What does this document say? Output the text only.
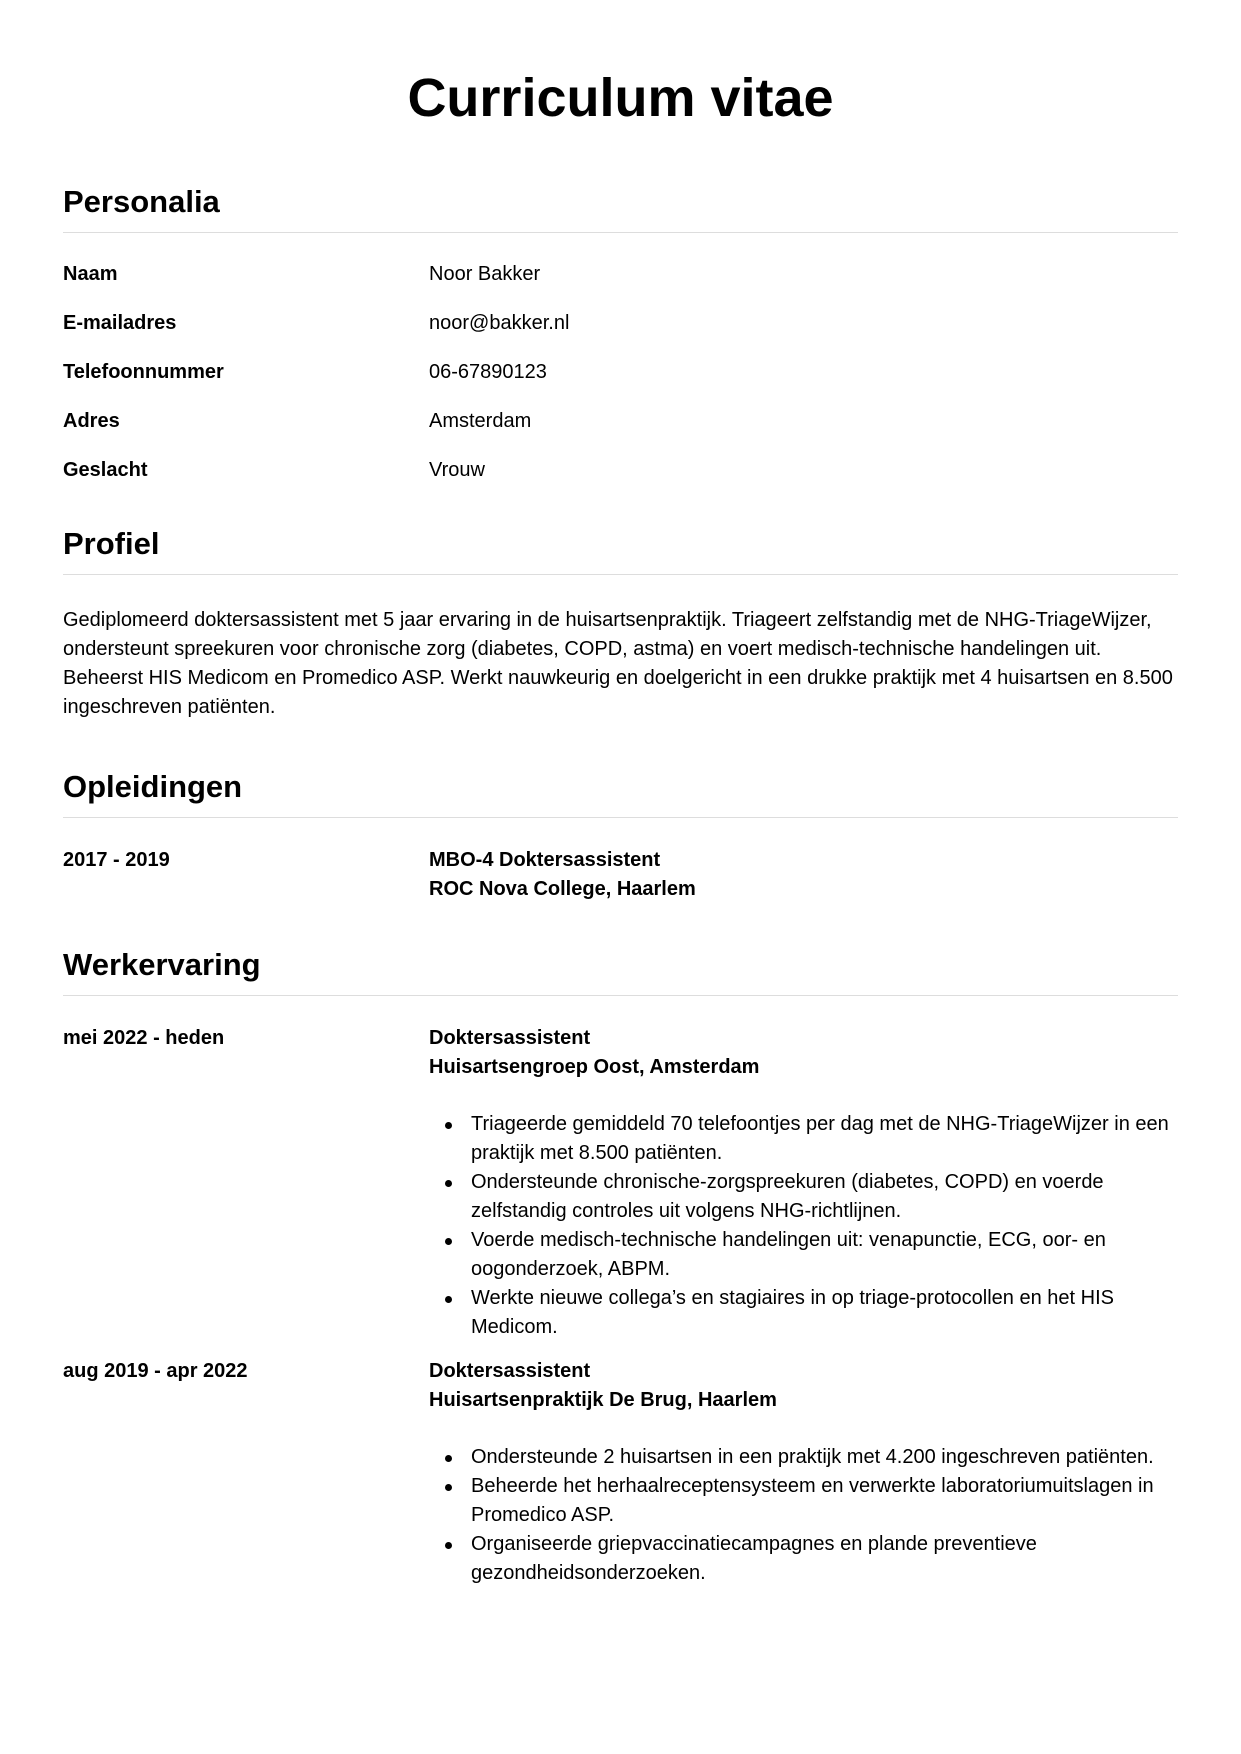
Curriculum vitae
Personalia
Naam	Noor Bakker
E-mailadres	noor@bakker.nl
Telefoonnummer	06-67890123
Adres	Amsterdam
Geslacht	Vrouw
Profiel

Gediplomeerd doktersassistent met 5 jaar ervaring in de huisartsenpraktijk. Triageert zelfstandig met de NHG-TriageWijzer, ondersteunt spreekuren voor chronische zorg (diabetes, COPD, astma) en voert medisch-technische handelingen uit. Beheerst HIS Medicom en Promedico ASP. Werkt nauwkeurig en doelgericht in een drukke praktijk met 4 huisartsen en 8.500 ingeschreven patiënten.

Opleidingen
2017 - 2019	MBO-4 Doktersassistent
ROC Nova College, Haarlem
Werkervaring
mei 2022 - heden	Doktersassistent
Huisartsengroep Oost, Amsterdam
Triageerde gemiddeld 70 telefoontjes per dag met de NHG-TriageWijzer in een praktijk met 8.500 patiënten.
Ondersteunde chronische-zorgspreekuren (diabetes, COPD) en voerde zelfstandig controles uit volgens NHG-richtlijnen.
Voerde medisch-technische handelingen uit: venapunctie, ECG, oor- en oogonderzoek, ABPM.
Werkte nieuwe collega’s en stagiaires in op triage-protocollen en het HIS Medicom.
aug 2019 - apr 2022	Doktersassistent
Huisartsenpraktijk De Brug, Haarlem
Ondersteunde 2 huisartsen in een praktijk met 4.200 ingeschreven patiënten.
Beheerde het herhaalreceptensysteem en verwerkte laboratoriumuitslagen in Promedico ASP.
Organiseerde griepvaccinatiecampagnes en plande preventieve gezondheidsonderzoeken.
